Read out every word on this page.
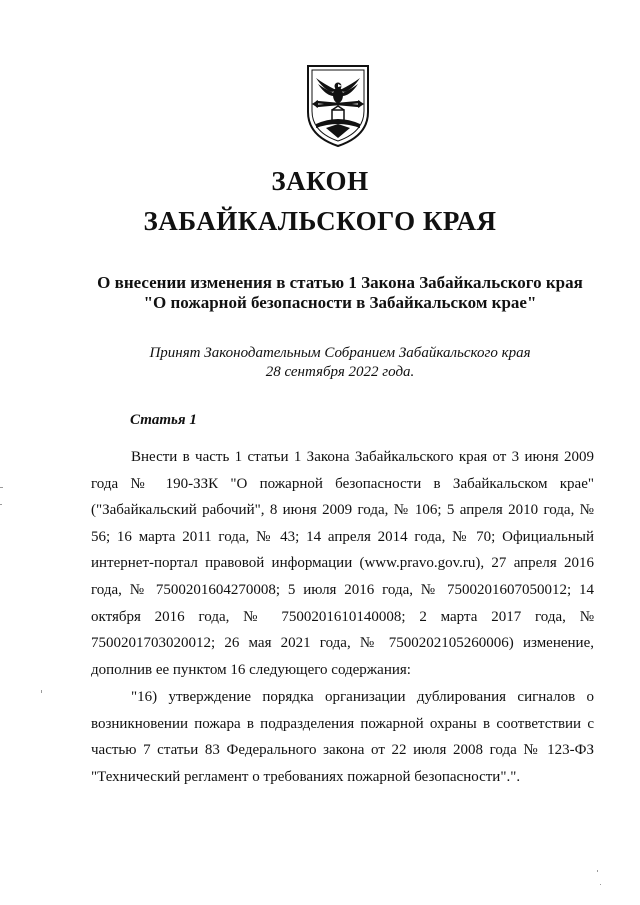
ЗАКОН
ЗАБАЙКАЛЬСКОГО КРАЯ

О внесении изменения в статью 1 Закона Забайкальского края

"О пожарной безопасности в Забайкальском крае"

Принят Законодательным Собранием Забайкальского края

28 сентября 2022 года.

Статья 1

Внести в часть 1 статьи 1 Закона Забайкальского края от 3 июня 2009 года № 190-ЗЗК "О пожарной безопасности в Забайкальском крае" ("Забайкальский рабочий", 8 июня 2009 года, № 106; 5 апреля 2010 года, № 56; 16 марта 2011 года, № 43; 14 апреля 2014 года, № 70; Официальный интернет-портал правовой информации (www.pravo.gov.ru), 27 апреля 2016 года, № 7500201604270008; 5 июля 2016 года, № 7500201607050012; 14 октября 2016 года, № 7500201610140008; 2 марта 2017 года, № 7500201703020012; 26 мая 2021 года, № 7500202105260006) изменение, дополнив ее пунктом 16 следующего содержания:

"16) утверждение порядка организации дублирования сигналов о возникновении пожара в подразделения пожарной охраны в соответствии с частью 7 статьи 83 Федерального закона от 22 июля 2008 года № 123-ФЗ "Технический регламент о требованиях пожарной безопасности".".
